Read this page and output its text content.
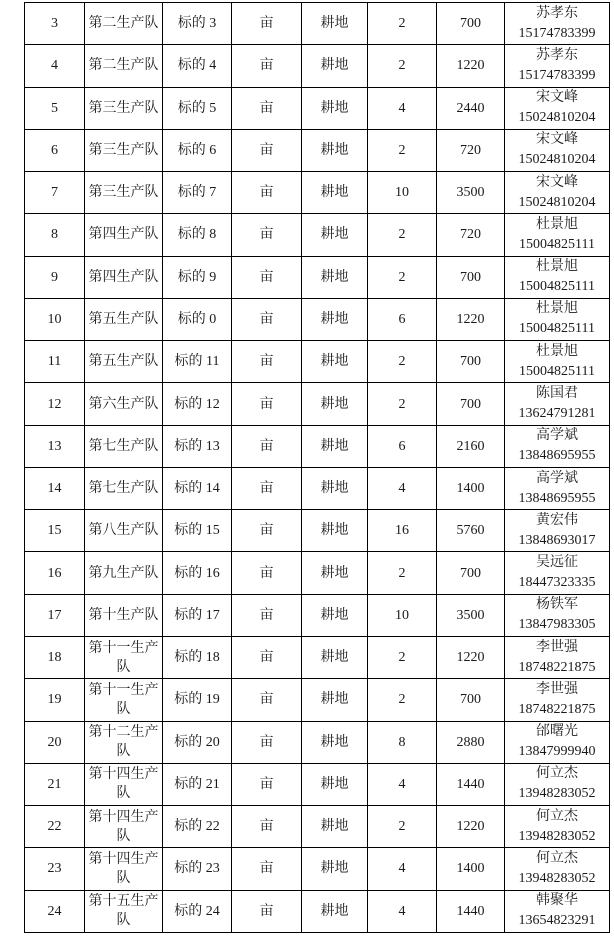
3	第二生产队	标的 3	亩	耕地	2	700	苏孝东
15174783399

4	第二生产队	标的 4	亩	耕地	2	1220	苏孝东
15174783399

5	第三生产队	标的 5	亩	耕地	4	2440	宋文峰
15024810204

6	第三生产队	标的 6	亩	耕地	2	720	宋文峰
15024810204

7	第三生产队	标的 7	亩	耕地	10	3500	宋文峰
15024810204

8	第四生产队	标的 8	亩	耕地	2	720	杜景旭
15004825111

9	第四生产队	标的 9	亩	耕地	2	700	杜景旭
15004825111

10	第五生产队	标的 0	亩	耕地	6	1220	杜景旭
15004825111

11	第五生产队	标的 11	亩	耕地	2	700	杜景旭
15004825111

12	第六生产队	标的 12	亩	耕地	2	700	陈国君
13624791281

13	第七生产队	标的 13	亩	耕地	6	2160	高学斌
13848695955

14	第七生产队	标的 14	亩	耕地	4	1400	高学斌
13848695955

15	第八生产队	标的 15	亩	耕地	16	5760	黄宏伟
13848693017

16	第九生产队	标的 16	亩	耕地	2	700	吴远征
18447323335

17	第十生产队	标的 17	亩	耕地	10	3500	杨铁军
13847983305

18	第十一生产队	标的 18	亩	耕地	2	1220	李世强
18748221875

19	第十一生产队	标的 19	亩	耕地	2	700	李世强
18748221875

20	第十二生产队	标的 20	亩	耕地	8	2880	邰曙光
13847999940

21	第十四生产队	标的 21	亩	耕地	4	1440	何立杰
13948283052

22	第十四生产队	标的 22	亩	耕地	2	1220	何立杰
13948283052

23	第十四生产队	标的 23	亩	耕地	4	1400	何立杰
13948283052

24	第十五生产队	标的 24	亩	耕地	4	1440	韩聚华
13654823291
